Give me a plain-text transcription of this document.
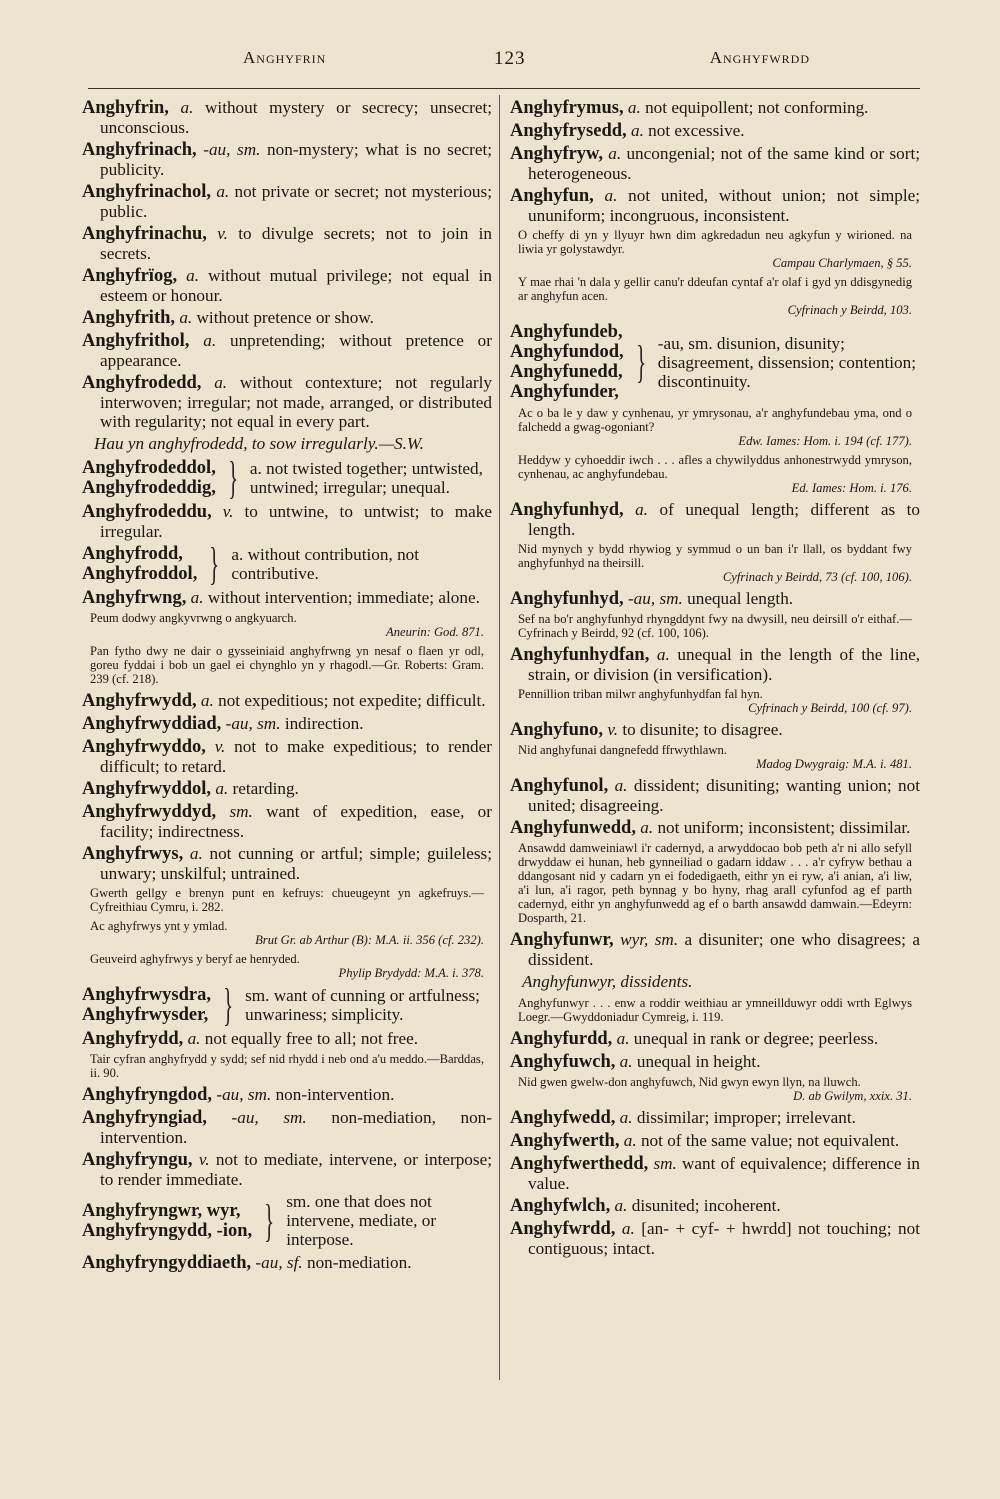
Anghyfrin	123	Anghyfwrdd
Anghyfrin, a. without mystery or secrecy; unsecret; unconscious.
Anghyfrinach, -au, sm. non-mystery; what is no secret; publicity.
Anghyfrinachol, a. not private or secret; not mysterious; public.
Anghyfrinachu, v. to divulge secrets; not to join in secrets.
Anghyfrïog, a. without mutual privilege; not equal in esteem or honour.
Anghyfrith, a. without pretence or show.
Anghyfrithol, a. unpretending; without pretence or appearance.
Anghyfrodedd, a. without contexture; not regularly interwoven; irregular; not made, arranged, or distributed with regularity; not equal in every part.
Hau yn anghyfrodedd, to sow irregularly.—S.W.
Anghyfrodeddol,
Anghyfrodeddig, } a. not twisted together; untwisted, untwined; irregular; unequal.
Anghyfrodeddu, v. to untwine, to untwist; to make irregular.
Anghyfrodd,
Anghyfroddol, } a. without contribution, not contributive.
Anghyfrwng, a. without intervention; immediate; alone.
Peum dodwy angkyvrwng o angkyuarch.
Aneurin: God. 871.
Pan fytho dwy ne dair o gysseiniaid anghyfrwng yn nesaf o flaen yr odl, goreu fyddai i bob un gael ei chynghlo yn y rhagodl.—Gr. Roberts: Gram. 239 (cf. 218).
Anghyfrwydd, a. not expeditious; not expedite; difficult.
Anghyfrwyddiad, -au, sm. indirection.
Anghyfrwyddo, v. not to make expeditious; to render difficult; to retard.
Anghyfrwyddol, a. retarding.
Anghyfrwyddyd, sm. want of expedition, ease, or facility; indirectness.
Anghyfrwys, a. not cunning or artful; simple; guileless; unwary; unskilful; untrained.
Gwerth gellgy e brenyn punt en kefruys: chueugeynt yn agkefruys.—Cyfreithiau Cymru, i. 282.
Ac aghyfrwys ynt y ymlad.
Brut Gr. ab Arthur (B): M.A. ii. 356 (cf. 232).
Geuveird aghyfrwys y beryf ae henryded.
Phylip Brydydd: M.A. i. 378.
Anghyfrwysdra,
Anghyfrwysder, } sm. want of cunning or artfulness; unwariness; simplicity.
Anghyfrydd, a. not equally free to all; not free.
Tair cyfran anghyfrydd y sydd; sef nid rhydd i neb ond a'u meddo.—Barddas, ii. 90.
Anghyfryngdod, -au, sm. non-intervention.
Anghyfryngiad, -au, sm. non-mediation, non-intervention.
Anghyfryngu, v. not to mediate, intervene, or interpose; to render immediate.
Anghyfryngwr, wyr,
Anghyfryngydd, -ion, } sm. one that does not intervene, mediate, or interpose.
Anghyfryngyddiaeth, -au, sf. non-mediation.
Anghyfrymus, a. not equipollent; not conforming.
Anghyfrysedd, a. not excessive.
Anghyfryw, a. uncongenial; not of the same kind or sort; heterogeneous.
Anghyfun, a. not united, without union; not simple; ununiform; incongruous, inconsistent.
O cheffy di yn y llyuyr hwn dim agkredadun neu agkyfun y wirioned. na liwia yr golystawdyr.
Campau Charlymaen, § 55.
Y mae rhai 'n dala y gellir canu'r ddeufan cyntaf a'r olaf i gyd yn ddisgynedig ar anghyfun acen.
Cyfrinach y Beirdd, 103.
Anghyfundeb,
Anghyfundod,
Anghyfunedd,
Anghyfunder,
} -au, sm. disunion, disunity; disagreement, dissension; contention; discontinuity.
Ac o ba le y daw y cynhenau, yr ymrysonau, a'r anghyfundebau yma, ond o falchedd a gwag-ogoniant?
Edw. Iames: Hom. i. 194 (cf. 177).
Heddyw y cyhoeddir iwch . . . afles a chywilyddus anhonestrwydd ymryson, cynhenau, ac anghyfundebau.
Ed. Iames: Hom. i. 176.
Anghyfunhyd, a. of unequal length; different as to length.
Nid mynych y bydd rhywiog y symmud o un ban i'r llall, os byddant fwy anghyfunhyd na theirsill.
Cyfrinach y Beirdd, 73 (cf. 100, 106).
Anghyfunhyd, -au, sm. unequal length.
Sef na bo'r anghyfunhyd rhyngddynt fwy na dwysill, neu deirsill o'r eithaf.—Cyfrinach y Beirdd, 92 (cf. 100, 106).
Anghyfunhydfan, a. unequal in the length of the line, strain, or division (in versification).
Pennillion triban milwr anghyfunhydfan fal hyn.
Cyfrinach y Beirdd, 100 (cf. 97).
Anghyfuno, v. to disunite; to disagree.
Nid anghyfunai dangnefedd ffrwythlawn.
Madog Dwygraig: M.A. i. 481.
Anghyfunol, a. dissident; disuniting; wanting union; not united; disagreeing.
Anghyfunwedd, a. not uniform; inconsistent; dissimilar.
Ansawdd damweiniawl i'r cadernyd, a arwyddocao bob peth a'r ni allo sefyll drwyddaw ei hunan, heb gynneiliad o gadarn iddaw . . . a'r cyfryw bethau a ddangosant nid y cadarn yn ei fodedigaeth, eithr yn ei ryw, a'i anian, a'i liw, a'i lun, a'i ragor, peth bynnag y bo hyny, rhag arall cyfunfod ag ef parth cadernyd, eithr yn anghyfunwedd ag ef o barth ansawdd damwain.—Edeyrn: Dosparth, 21.
Anghyfunwr, wyr, sm. a disuniter; one who disagrees; a dissident.
Anghyfunwyr, dissidents.
Anghyfunwyr . . . enw a roddir weithiau ar ymneillduwyr oddi wrth Eglwys Loegr.—Gwyddoniadur Cymreig, i. 119.
Anghyfurdd, a. unequal in rank or degree; peerless.
Anghyfuwch, a. unequal in height.
Nid gwen gwelw-don anghyfuwch, Nid gwyn ewyn llyn, na lluwch.
D. ab Gwilym, xxix. 31.
Anghyfwedd, a. dissimilar; improper; irrelevant.
Anghyfwerth, a. not of the same value; not equivalent.
Anghyfwerthedd, sm. want of equivalence; difference in value.
Anghyfwlch, a. disunited; incoherent.
Anghyfwrdd, a. [an- + cyf- + hwrdd] not touching; not contiguous; intact.
